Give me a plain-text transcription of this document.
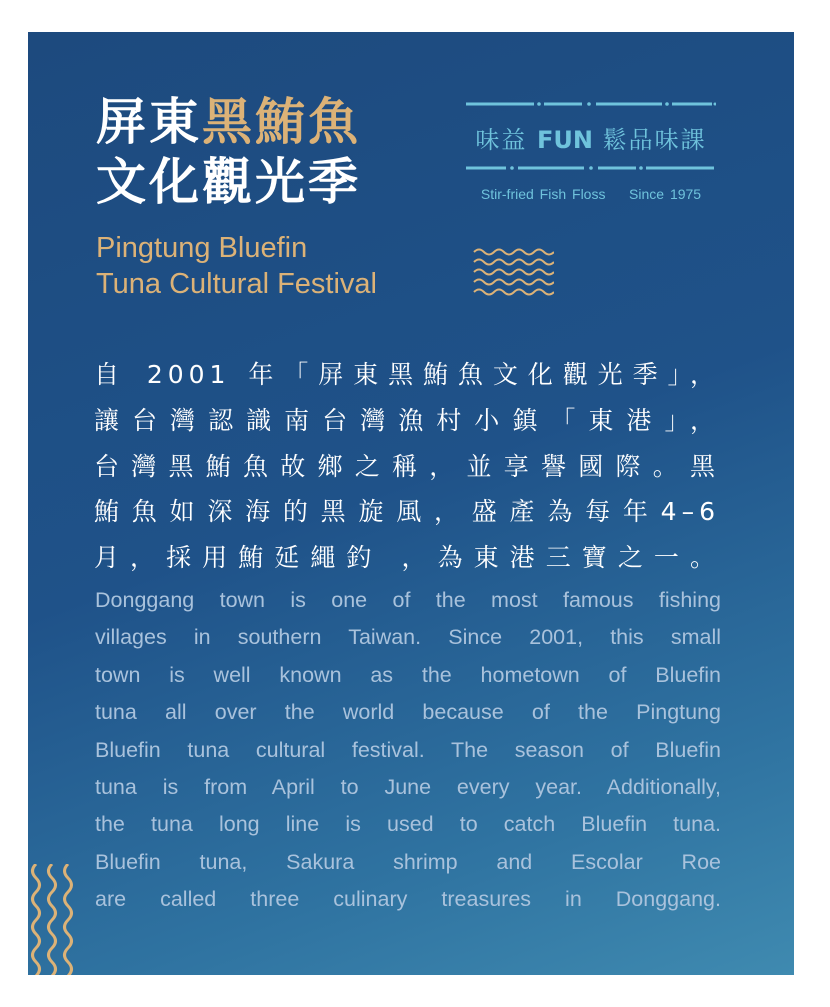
屏東黑鮪魚
文化觀光季
Pingtung Bluefin
Tuna Cultural Festival
味益 FUN 鬆品味課
Stir-fried Fish Floss Since 1975
自 2001 年「屏東黑鮪魚文化觀光季」，
讓台灣認識南台灣漁村小鎮「東港」，
台灣黑鮪魚故鄉之稱，並享譽國際。黑
鮪魚如深海的黑旋風，盛產為每年4–6
月，採用鮪延繩釣 ，為東港三寶之一。
Donggang town is one of the most famous fishing
villages in southern Taiwan. Since 2001, this small
town is well known as the hometown of Bluefin
tuna all over the world because of the Pingtung
Bluefin tuna cultural festival. The season of Bluefin
tuna is from April to June every year. Additionally,
the tuna long line is used to catch Bluefin tuna.
Bluefin tuna, Sakura shrimp and Escolar Roe
are called three culinary treasures in Donggang.
